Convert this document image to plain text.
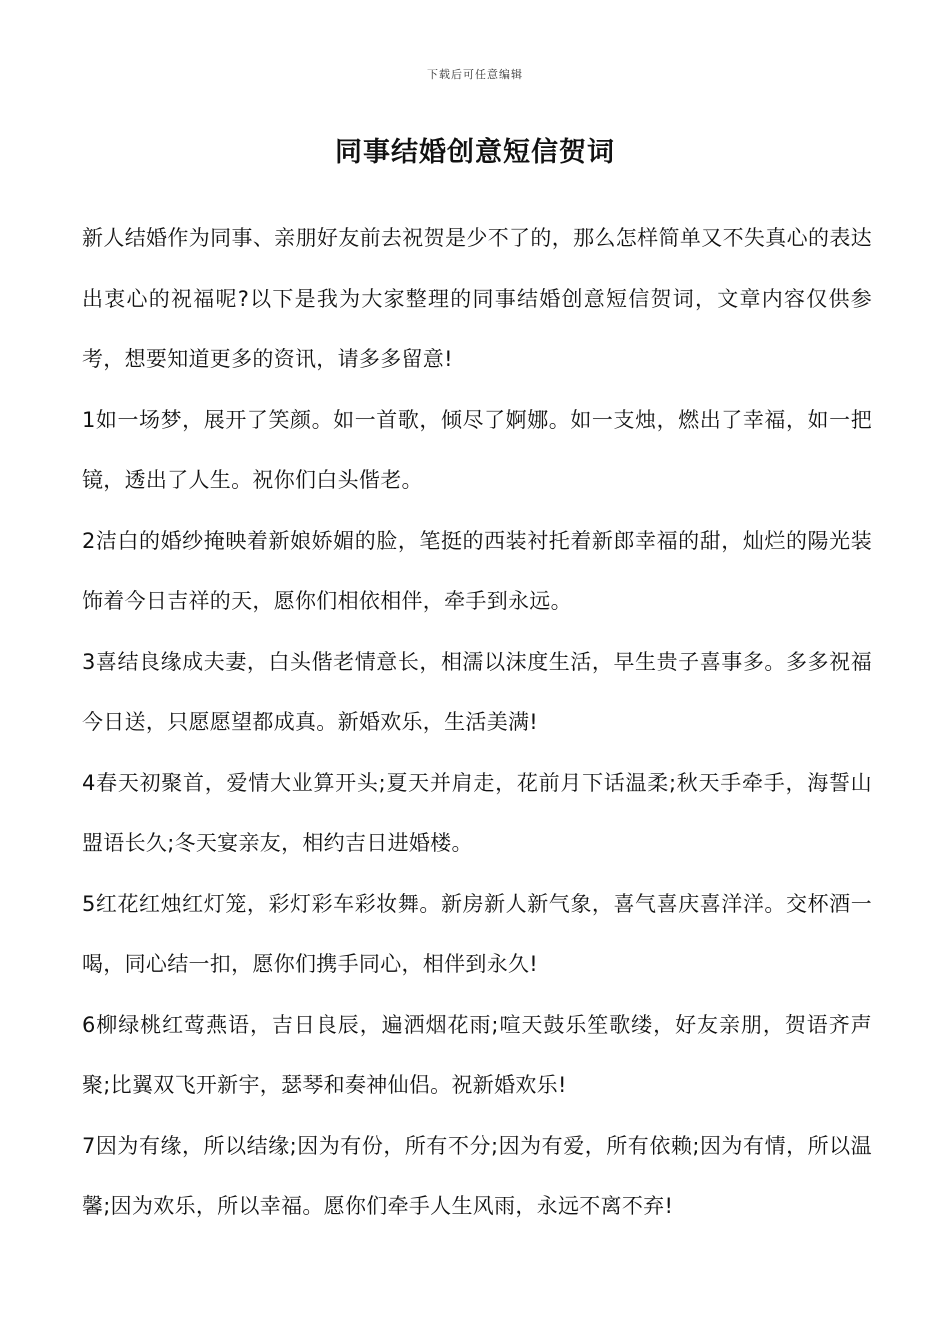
下载后可任意编辑
同事结婚创意短信贺词

新人结婚作为同事、亲朋好友前去祝贺是少不了的，那么怎样简单又不失真心的表达出衷心的祝福呢?以下是我为大家整理的同事结婚创意短信贺词，文章内容仅供参考，想要知道更多的资讯，请多多留意!

1如一场梦，展开了笑颜。如一首歌，倾尽了婀娜。如一支烛，燃出了幸福，如一把镜，透出了人生。祝你们白头偕老。

2洁白的婚纱掩映着新娘娇媚的脸，笔挺的西装衬托着新郎幸福的甜，灿烂的陽光装饰着今日吉祥的天，愿你们相依相伴，牵手到永远。

3喜结良缘成夫妻，白头偕老情意长，相濡以沫度生活，早生贵子喜事多。多多祝福今日送，只愿愿望都成真。新婚欢乐，生活美满!

4春天初聚首，爱情大业算开头;夏天并肩走，花前月下话温柔;秋天手牵手，海誓山盟语长久;冬天宴亲友，相约吉日进婚楼。

5红花红烛红灯笼，彩灯彩车彩妆舞。新房新人新气象，喜气喜庆喜洋洋。交杯酒一喝，同心结一扣，愿你们携手同心，相伴到永久!

6柳绿桃红莺燕语，吉日良辰，遍洒烟花雨;喧天鼓乐笙歌缕，好友亲朋，贺语齐声聚;比翼双飞开新宇，瑟琴和奏神仙侣。祝新婚欢乐!

7因为有缘，所以结缘;因为有份，所有不分;因为有爱，所有依赖;因为有情，所以温馨;因为欢乐，所以幸福。愿你们牵手人生风雨，永远不离不弃!
